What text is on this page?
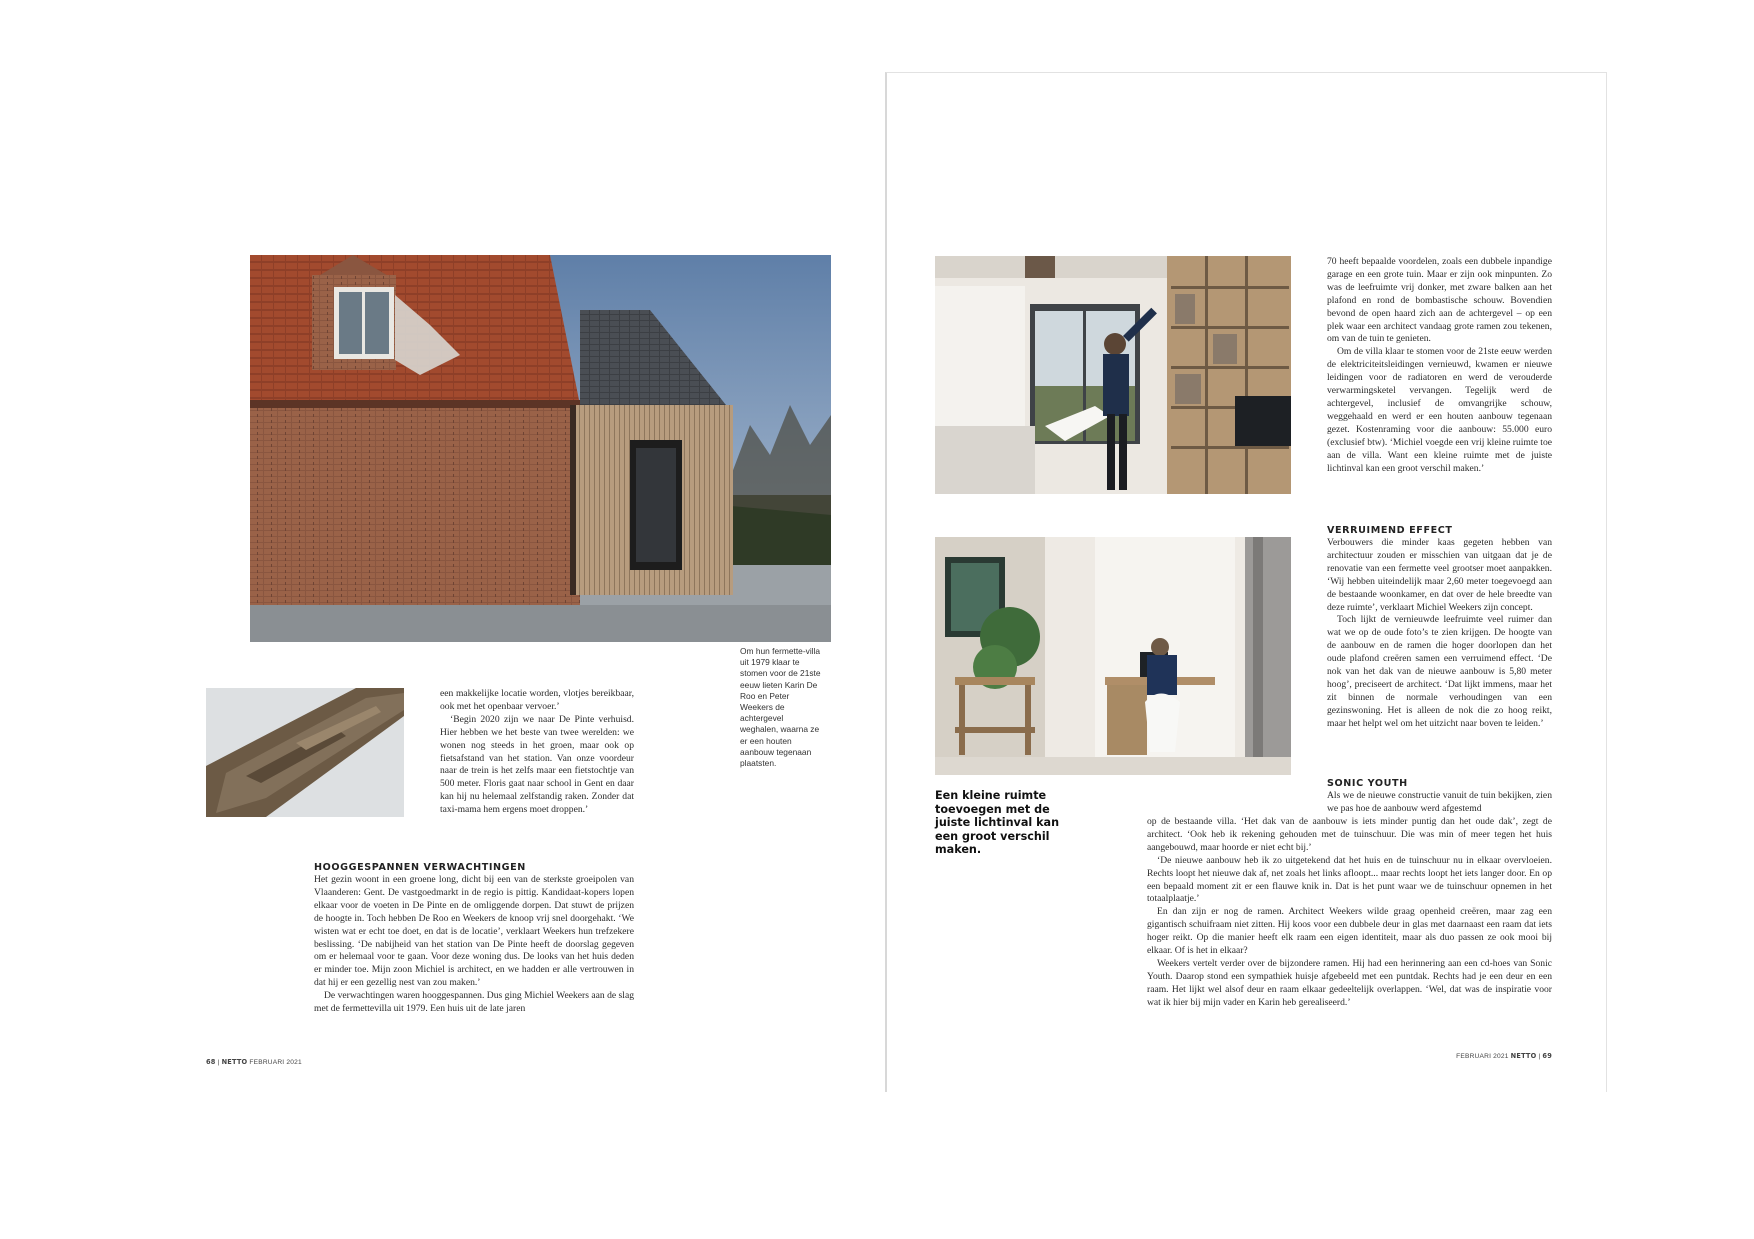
Om hun fermette-villa uit 1979 klaar te stomen voor de 21ste eeuw lieten Karin De Roo en Peter Weekers de achtergevel weghalen, waarna ze er een houten aanbouw tegenaan plaatsten.

een makkelijke locatie worden, vlotjes bereikbaar, ook met het openbaar vervoer.’

‘Begin 2020 zijn we naar De Pinte verhuisd. Hier hebben we het beste van twee werelden: we wonen nog steeds in het groen, maar ook op fietsafstand van het station. Van onze voordeur naar de trein is het zelfs maar een fietstochtje van 500 meter. Floris gaat naar school in Gent en daar kan hij nu helemaal zelfstandig raken. Zonder dat taxi-mama hem ergens moet droppen.’

HOOGGESPANNEN VERWACHTINGEN

Het gezin woont in een groene long, dicht bij een van de sterkste groeipolen van Vlaanderen: Gent. De vastgoedmarkt in de regio is pittig. Kandidaat-kopers lopen elkaar voor de voeten in De Pinte en de omliggende dorpen. Dat stuwt de prijzen de hoogte in. Toch hebben De Roo en Weekers de knoop vrij snel doorgehakt. ‘We wisten wat er echt toe doet, en dat is de locatie’, verklaart Weekers hun trefzekere beslissing. ‘De nabijheid van het station van De Pinte heeft de doorslag gegeven om er helemaal voor te gaan. Voor deze woning dus. De looks van het huis deden er minder toe. Mijn zoon Michiel is architect, en we hadden er alle vertrouwen in dat hij er een gezellig nest van zou maken.’

De verwachtingen waren hooggespannen. Dus ging Michiel Weekers aan de slag met de fermettevilla uit 1979. Een huis uit de late jaren

68 | NETTO FEBRUARI 2021

70 heeft bepaalde voordelen, zoals een dubbele inpandige garage en een grote tuin. Maar er zijn ook minpunten. Zo was de leefruimte vrij donker, met zware balken aan het plafond en rond de bombastische schouw. Bovendien bevond de open haard zich aan de achtergevel – op een plek waar een architect vandaag grote ramen zou tekenen, om van de tuin te genieten.

Om de villa klaar te stomen voor de 21ste eeuw werden de elektriciteitsleidingen vernieuwd, kwamen er nieuwe leidingen voor de radiatoren en werd de verouderde verwarmingsketel vervangen. Tegelijk werd de achtergevel, inclusief de omvangrijke schouw, weggehaald en werd er een houten aanbouw tegenaan gezet. Kostenraming voor die aanbouw: 55.000 euro (exclusief btw). ‘Michiel voegde een vrij kleine ruimte toe aan de villa. Want een kleine ruimte met de juiste lichtinval kan een groot verschil maken.’

VERRUIMEND EFFECT

Verbouwers die minder kaas gegeten hebben van architectuur zouden er misschien van uitgaan dat je de renovatie van een fermette veel grootser moet aanpakken. ‘Wij hebben uiteindelijk maar 2,60 meter toegevoegd aan de bestaande woonkamer, en dat over de hele breedte van deze ruimte’, verklaart Michiel Weekers zijn concept.

Toch lijkt de vernieuwde leefruimte veel ruimer dan wat we op de oude foto’s te zien krijgen. De hoogte van de aanbouw en de ramen die hoger doorlopen dan het oude plafond creëren samen een verruimend effect. ‘De nok van het dak van de nieuwe aanbouw is 5,80 meter hoog’, preciseert de architect. ‘Dat lijkt immens, maar het zit binnen de normale verhoudingen van een gezinswoning. Het is alleen de nok die zo hoog reikt, maar het helpt wel om het uitzicht naar boven te leiden.’

SONIC YOUTH

Als we de nieuwe constructie vanuit de tuin bekijken, zien we pas hoe de aanbouw werd afgestemd

Een kleine ruimte toevoegen met de juiste lichtinval kan een groot verschil maken.

op de bestaande villa. ‘Het dak van de aanbouw is iets minder puntig dan het oude dak’, zegt de architect. ‘Ook heb ik rekening gehouden met de tuinschuur. Die was min of meer tegen het huis aangebouwd, maar hoorde er niet echt bij.’

‘De nieuwe aanbouw heb ik zo uitgetekend dat het huis en de tuinschuur nu in elkaar overvloeien. Rechts loopt het nieuwe dak af, net zoals het links afloopt... maar rechts loopt het iets langer door. En op een bepaald moment zit er een flauwe knik in. Dat is het punt waar we de tuinschuur opnemen in het totaalplaatje.’

En dan zijn er nog de ramen. Architect Weekers wilde graag openheid creëren, maar zag een gigantisch schuifraam niet zitten. Hij koos voor een dubbele deur in glas met daarnaast een raam dat iets hoger reikt. Op die manier heeft elk raam een eigen identiteit, maar als duo passen ze ook mooi bij elkaar. Of is het in elkaar?

Weekers vertelt verder over de bijzondere ramen. Hij had een herinnering aan een cd-hoes van Sonic Youth. Daarop stond een sympathiek huisje afgebeeld met een puntdak. Rechts had je een deur en een raam. Het lijkt wel alsof deur en raam elkaar gedeeltelijk overlappen. ‘Wel, dat was de inspiratie voor wat ik hier bij mijn vader en Karin heb gerealiseerd.’

FEBRUARI 2021 NETTO | 69
